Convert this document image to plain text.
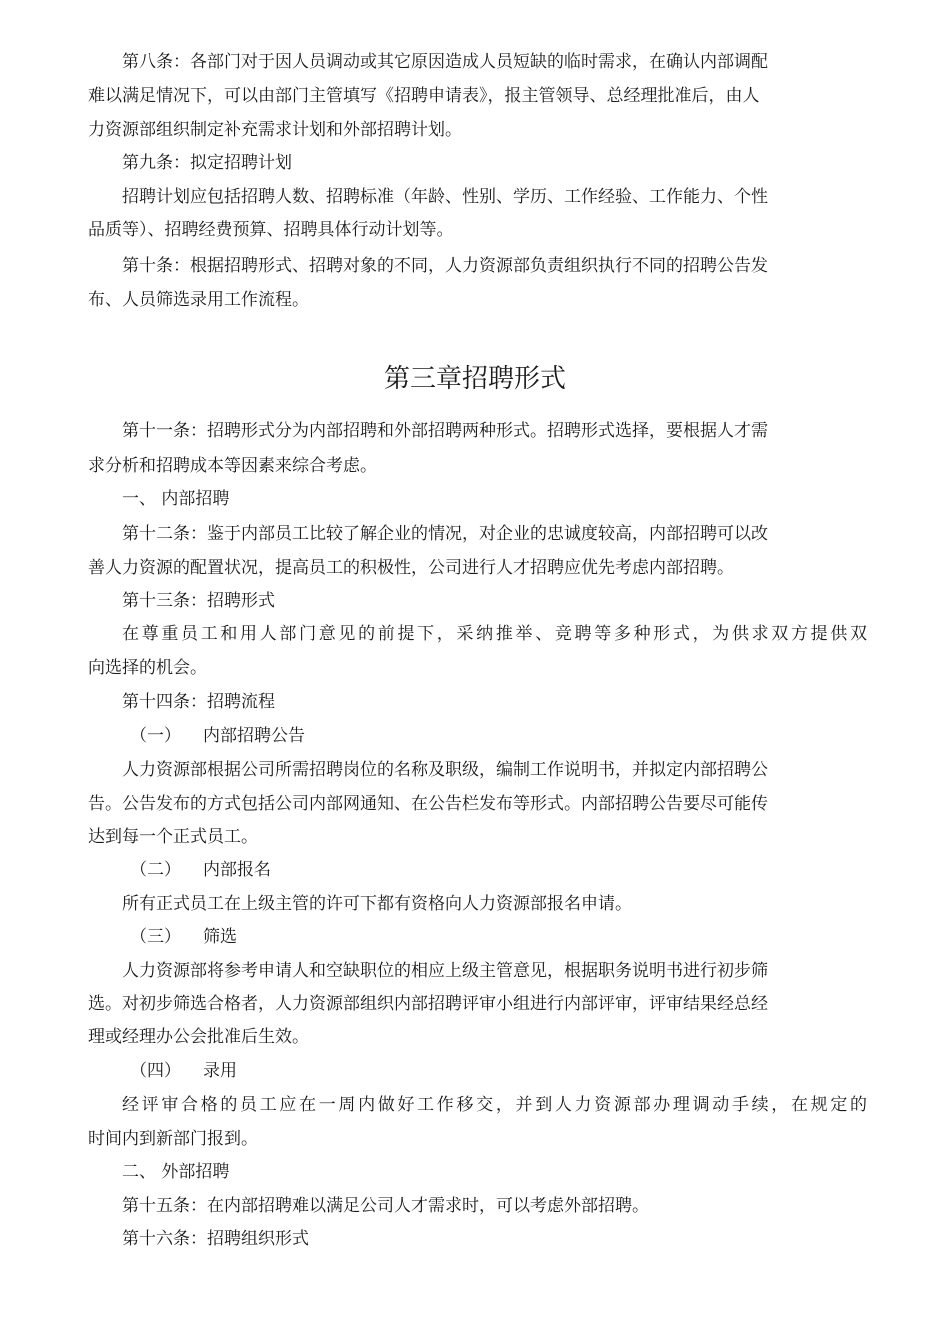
第八条：各部门对于因人员调动或其它原因造成人员短缺的临时需求，在确认内部调配
难以满足情况下，可以由部门主管填写《招聘申请表》，报主管领导、总经理批准后，由人
力资源部组织制定补充需求计划和外部招聘计划。
第九条：拟定招聘计划
招聘计划应包括招聘人数、招聘标准（年龄、性别、学历、工作经验、工作能力、个性
品质等）、招聘经费预算、招聘具体行动计划等。
第十条：根据招聘形式、招聘对象的不同，人力资源部负责组织执行不同的招聘公告发
布、人员筛选录用工作流程。
第三章招聘形式
第十一条：招聘形式分为内部招聘和外部招聘两种形式。招聘形式选择，要根据人才需
求分析和招聘成本等因素来综合考虑。
一、 内部招聘
第十二条：鉴于内部员工比较了解企业的情况，对企业的忠诚度较高，内部招聘可以改
善人力资源的配置状况，提高员工的积极性，公司进行人才招聘应优先考虑内部招聘。
第十三条：招聘形式
在尊重员工和用人部门意见的前提下，采纳推举、竞聘等多种形式，为供求双方提供双
向选择的机会。
第十四条：招聘流程
（一） 内部招聘公告
人力资源部根据公司所需招聘岗位的名称及职级，编制工作说明书，并拟定内部招聘公
告。公告发布的方式包括公司内部网通知、在公告栏发布等形式。内部招聘公告要尽可能传
达到每一个正式员工。
（二） 内部报名
所有正式员工在上级主管的许可下都有资格向人力资源部报名申请。
（三） 筛选
人力资源部将参考申请人和空缺职位的相应上级主管意见，根据职务说明书进行初步筛
选。对初步筛选合格者，人力资源部组织内部招聘评审小组进行内部评审，评审结果经总经
理或经理办公会批准后生效。
（四） 录用
经评审合格的员工应在一周内做好工作移交，并到人力资源部办理调动手续，在规定的
时间内到新部门报到。
二、 外部招聘
第十五条：在内部招聘难以满足公司人才需求时，可以考虑外部招聘。
第十六条：招聘组织形式
